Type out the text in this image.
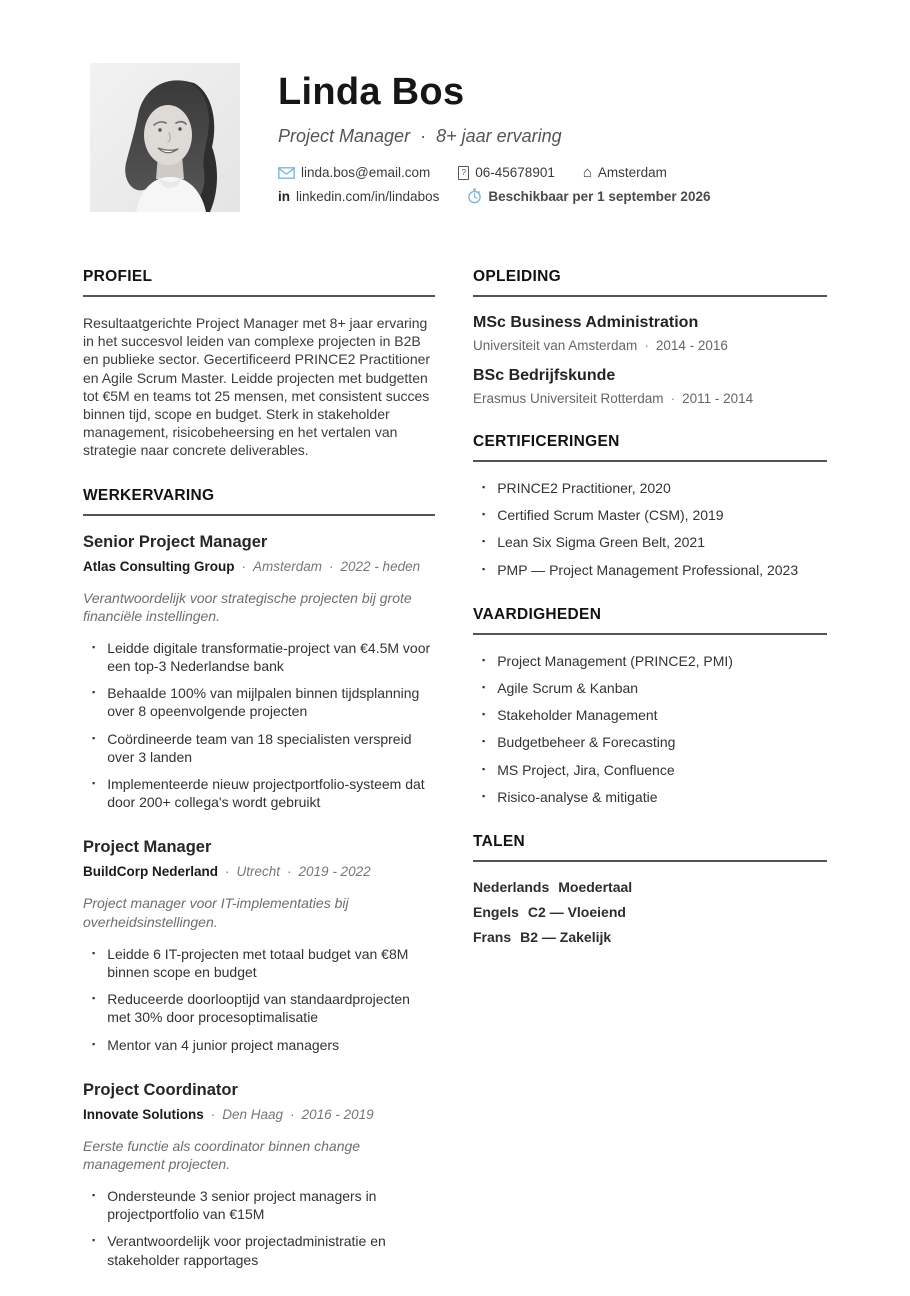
Linda Bos
Project Manager · 8+ jaar ervaring
linda.bos@email.com	? 06-45678901 ⌂ Amsterdam
in linkedin.com/in/lindabos	Beschikbaar per 1 september 2026
PROFIEL

Resultaatgerichte Project Manager met 8+ jaar ervaring in het succesvol leiden van complexe projecten in B2B en publieke sector. Gecertificeerd PRINCE2 Practitioner en Agile Scrum Master. Leidde projecten met budgetten tot €5M en teams tot 25 mensen, met consistent succes binnen tijd, scope en budget. Sterk in stakeholder management, risicobeheersing en het vertalen van strategie naar concrete deliverables.

WERKERVARING
Senior Project Manager

Atlas Consulting Group · Amsterdam · 2022 - heden

Verantwoordelijk voor strategische projecten bij grote financiële instellingen.

▪ Leidde digitale transformatie-project van €4.5M voor een top-3 Nederlandse bank
▪ Behaalde 100% van mijlpalen binnen tijdsplanning over 8 opeenvolgende projecten
▪ Coördineerde team van 18 specialisten verspreid over 3 landen
▪ Implementeerde nieuw projectportfolio-systeem dat door 200+ collega's wordt gebruikt
Project Manager

BuildCorp Nederland · Utrecht · 2019 - 2022

Project manager voor IT-implementaties bij overheidsinstellingen.

▪ Leidde 6 IT-projecten met totaal budget van €8M binnen scope en budget
▪ Reduceerde doorlooptijd van standaardprojecten met 30% door procesoptimalisatie
▪ Mentor van 4 junior project managers
Project Coordinator

Innovate Solutions · Den Haag · 2016 - 2019

Eerste functie als coordinator binnen change management projecten.

▪ Ondersteunde 3 senior project managers in projectportfolio van €15M
▪ Verantwoordelijk voor projectadministratie en stakeholder rapportages
OPLEIDING
MSc Business Administration

Universiteit van Amsterdam · 2014 - 2016

BSc Bedrijfskunde

Erasmus Universiteit Rotterdam · 2011 - 2014

CERTIFICERINGEN
▪ PRINCE2 Practitioner, 2020
▪ Certified Scrum Master (CSM), 2019
▪ Lean Six Sigma Green Belt, 2021
▪ PMP — Project Management Professional, 2023
VAARDIGHEDEN
▪ Project Management (PRINCE2, PMI)
▪ Agile Scrum & Kanban
▪ Stakeholder Management
▪ Budgetbeheer & Forecasting
▪ MS Project, Jira, Confluence
▪ Risico-analyse & mitigatie
TALEN
Nederlands Moedertaal
Engels C2 — Vloeiend
Frans B2 — Zakelijk
